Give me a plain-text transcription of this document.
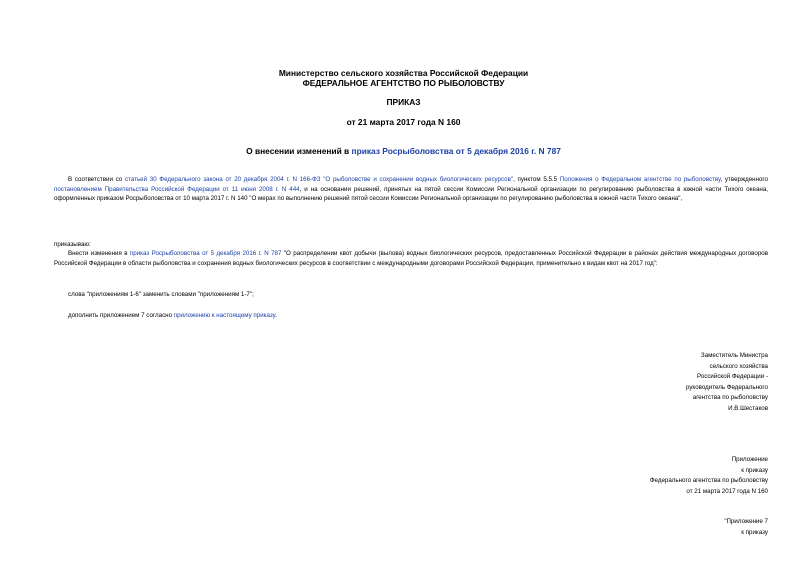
Министерство сельского хозяйства Российской Федерации
ФЕДЕРАЛЬНОЕ АГЕНТСТВО ПО РЫБОЛОВСТВУ
ПРИКАЗ
от 21 марта 2017 года N 160
О внесении изменений в приказ Росрыболовства от 5 декабря 2016 г. N 787
В соответствии со статьей 30 Федерального закона от 20 декабря 2004 г. N 166-ФЗ "О рыболовстве и сохранении водных биологических ресурсов", пунктом 5.5.5 Положения о Федеральном агентстве по рыболовству, утвержденного постановлением Правительства Российской Федерации от 11 июня 2008 г. N 444, и на основании решений, принятых на пятой сессии Комиссии Региональной организации по регулированию рыболовства в южной части Тихого океана, оформленных приказом Росрыболовства от 10 марта 2017 г. N 140 "О мерах по выполнению решений пятой сессии Комиссии Региональной организации по регулированию рыболовства в южной части Тихого океана",
приказываю:
Внести изменения в приказ Росрыболовства от 5 декабря 2016 г. N 787 "О распределении квот добычи (вылова) водных биологических ресурсов, предоставленных Российской Федерации в районах действия международных договоров Российской Федерации в области рыболовства и сохранения водных биологических ресурсов в соответствии с международными договорами Российской Федерации, применительно к видам квот на 2017 год":
слова "приложениям 1-6" заменить словами "приложениям 1-7";
дополнить приложением 7 согласно приложению к настоящему приказу.
Заместитель Министра
сельского хозяйства
Российской Федерации -
руководитель Федерального
агентства по рыболовству
И.В.Шестаков
Приложение
к приказу
Федерального агентства по рыболовству
от 21 марта 2017 года N 160
"Приложение 7
к приказу
